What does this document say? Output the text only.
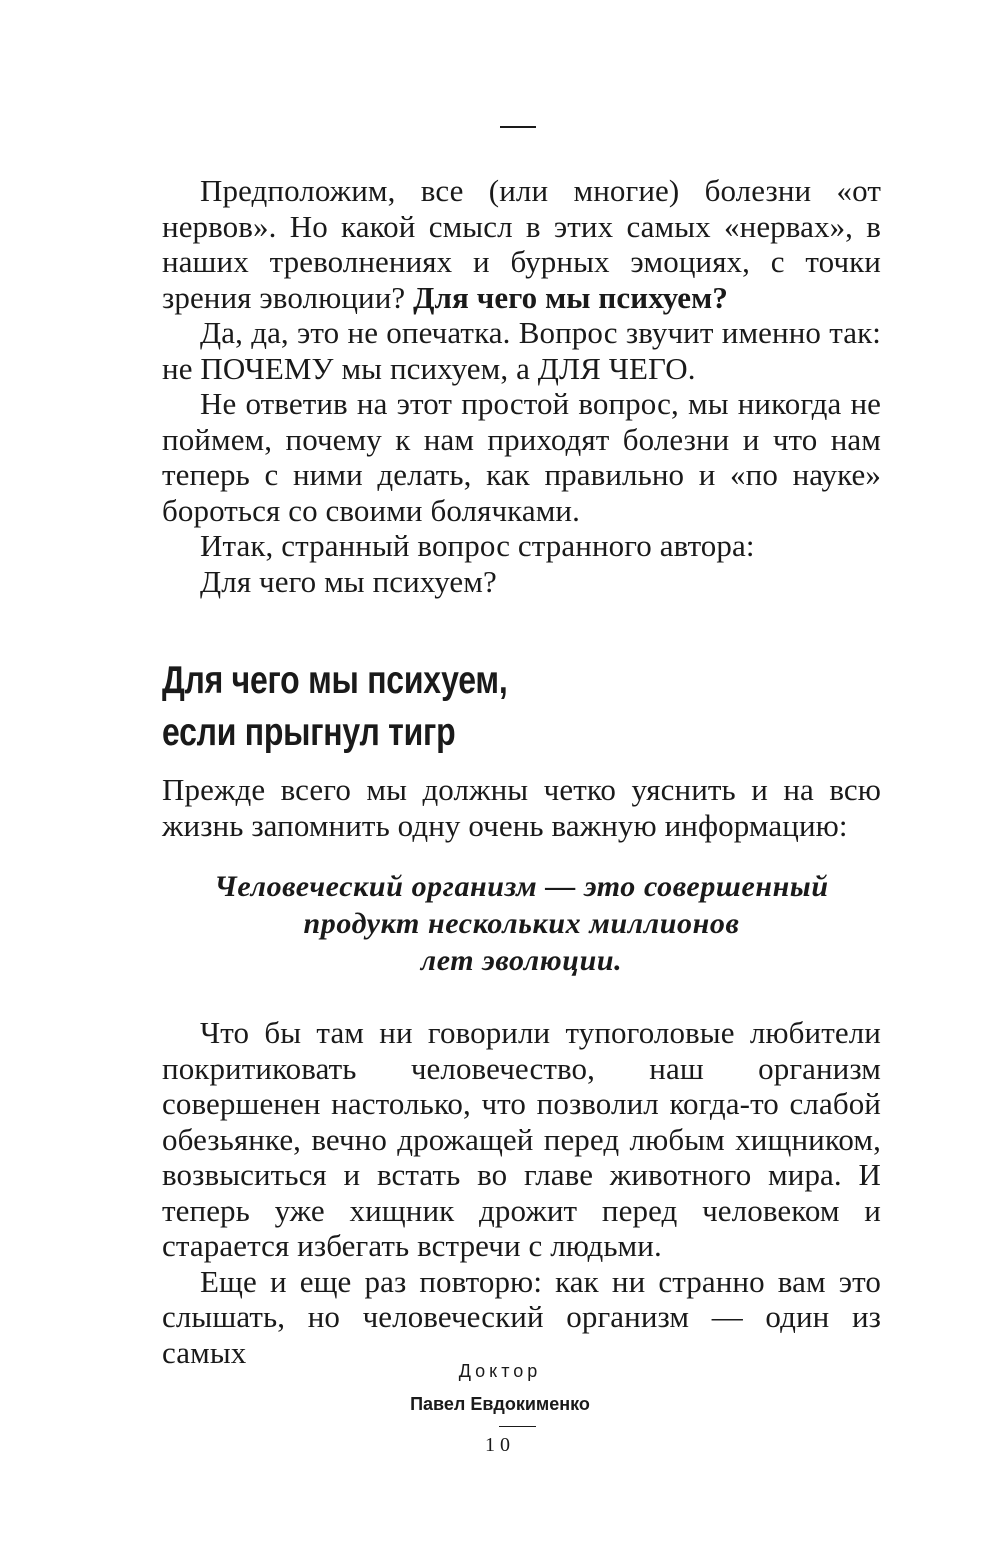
Предположим, все (или многие) болезни «от нервов». Но какой смысл в этих самых «нервах», в наших треволнениях и бурных эмоциях, с точки зрения эволюции? Для чего мы психуем?

Да, да, это не опечатка. Вопрос звучит именно так: не ПОЧЕМУ мы психуем, а ДЛЯ ЧЕГО.

Не ответив на этот простой вопрос, мы никогда не поймем, почему к нам приходят болезни и что нам теперь с ними делать, как правильно и «по науке» бороться со своими болячками.

Итак, странный вопрос странного автора:

Для чего мы психуем?

Для чего мы психуем,
если прыгнул тигр

Прежде всего мы должны четко уяснить и на всю жизнь запомнить одну очень важную информацию:

Человеческий организм — это совершенный
продукт нескольких миллионов
лет эволюции.

Что бы там ни говорили тупоголовые любители покритиковать человечество, наш организм совершенен настолько, что позволил когда-то слабой обезьянке, вечно дрожащей перед любым хищником, возвыситься и встать во главе животного мира. И теперь уже хищник дрожит перед человеком и старается избегать встречи с людьми.

Еще и еще раз повторю: как ни странно вам это слышать, но человеческий организм — один из самых

Доктор
Павел Евдокименко
10
